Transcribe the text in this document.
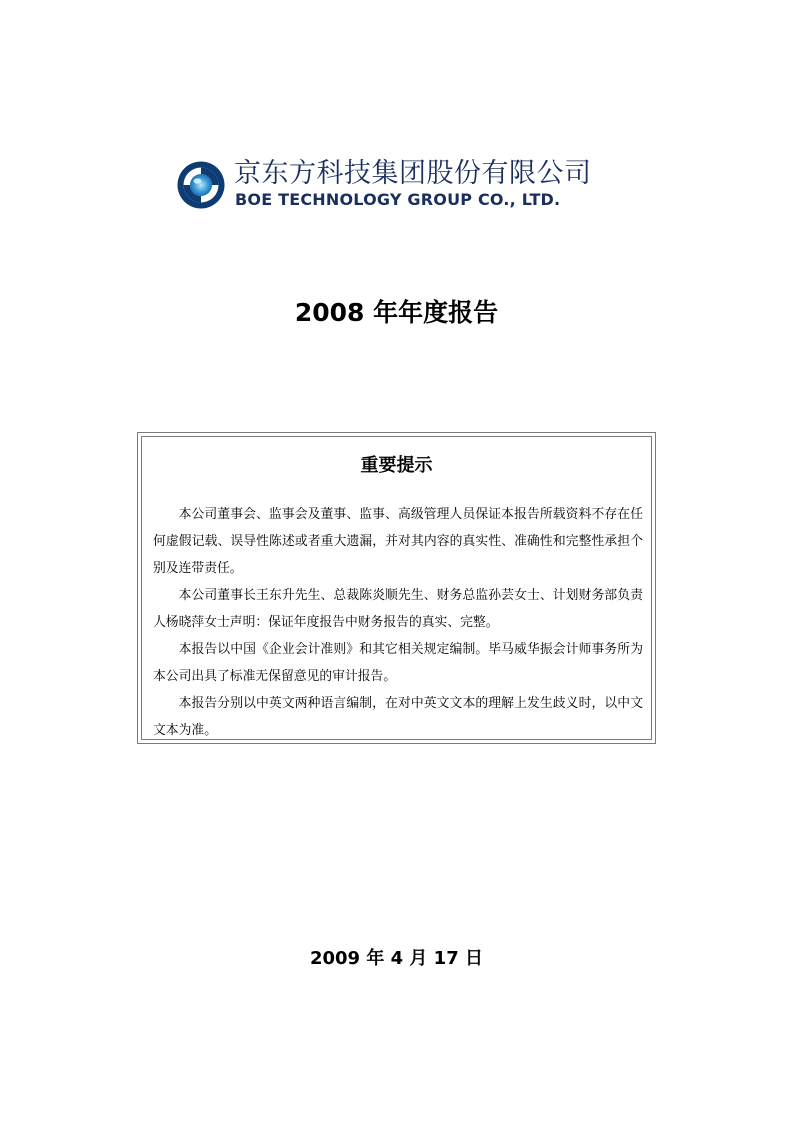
京东方科技集团股份有限公司
BOE TECHNOLOGY GROUP CO., LTD.
2008 年年度报告
重要提示

本公司董事会、监事会及董事、监事、高级管理人员保证本报告所载资料不存在任何虚假记载、误导性陈述或者重大遗漏，并对其内容的真实性、准确性和完整性承担个别及连带责任。

本公司董事长王东升先生、总裁陈炎顺先生、财务总监孙芸女士、计划财务部负责人杨晓萍女士声明：保证年度报告中财务报告的真实、完整。

本报告以中国《企业会计准则》和其它相关规定编制。毕马威华振会计师事务所为本公司出具了标准无保留意见的审计报告。

本报告分别以中英文两种语言编制，在对中英文文本的理解上发生歧义时，以中文文本为准。

2009 年 4 月 17 日
